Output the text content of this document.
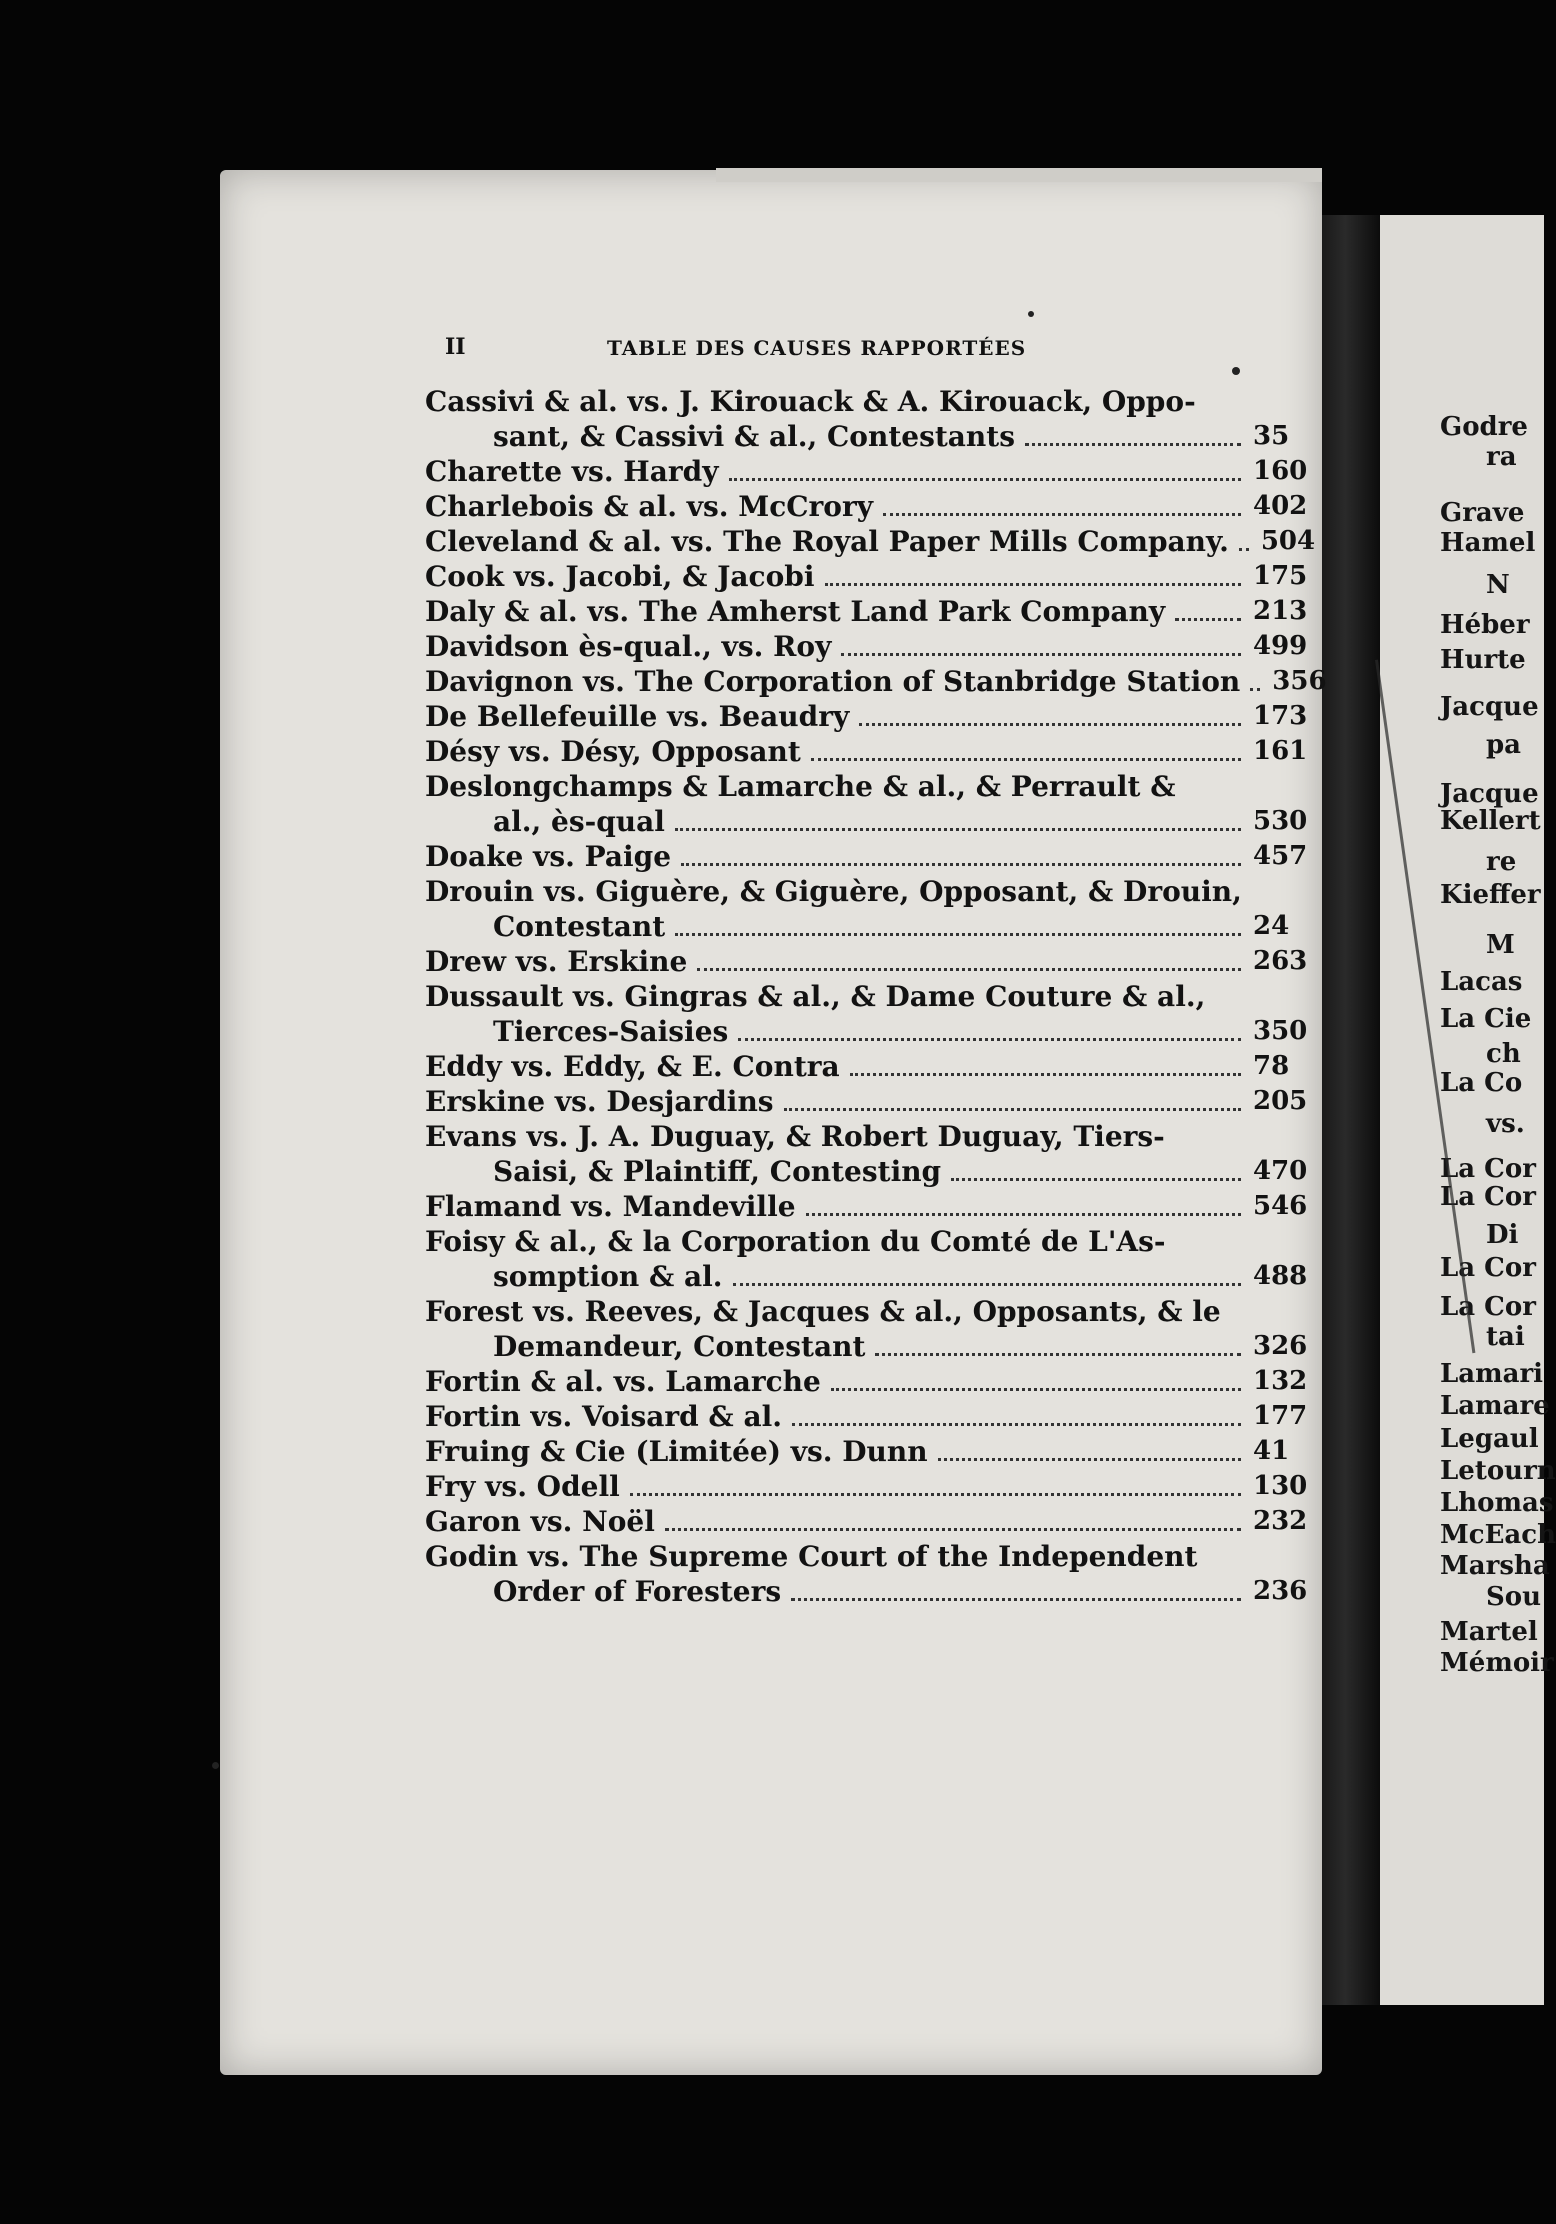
II	TABLE DES CAUSES RAPPORTÉES
Cassivi & al. vs. J. Kirouack & A. Kirouack, Oppo-
sant, & Cassivi & al., Contestants	35
Charette vs. Hardy	160
Charlebois & al. vs. McCrory	402
Cleveland & al. vs. The Royal Paper Mills Company. 504
Cook vs. Jacobi, & Jacobi	175
Daly & al. vs. The Amherst Land Park Company	213
Davidson ès-qual., vs. Roy	499
Davignon vs. The Corporation of Stanbridge Station 356
De Bellefeuille vs. Beaudry	173
Désy vs. Désy, Opposant	161
Deslongchamps & Lamarche & al., & Perrault &
al., ès-qual	530
Doake vs. Paige	457
Drouin vs. Giguère, & Giguère, Opposant, & Drouin,
Contestant	24
Drew vs. Erskine	263
Dussault vs. Gingras & al., & Dame Couture & al.,
Tierces-Saisies	350
Eddy vs. Eddy, & E. Contra	78
Erskine vs. Desjardins	205
Evans vs. J. A. Duguay, & Robert Duguay, Tiers-
Saisi, & Plaintiff, Contesting	470
Flamand vs. Mandeville	546
Foisy & al., & la Corporation du Comté de L'As-
somption & al.	488
Forest vs. Reeves, & Jacques & al., Opposants, & le
Demandeur, Contestant	326
Fortin & al. vs. Lamarche	132
Fortin vs. Voisard & al.	177
Fruing & Cie (Limitée) vs. Dunn	41
Fry vs. Odell	130
Garon vs. Noël	232
Godin vs. The Supreme Court of the Independent
Order of Foresters	236
Godre
ra
Grave
Hamel
N
Héber
Hurte
Jacque
pa
Jacque
Kellert
re
Kieffer
M
Lacas
La Cie
ch
La Co
vs.
La Cor
La Cor
Di
La Cor
La Cor
tai
Lamari
Lamare
Legaul
Letourn
Lhomas
McEach
Marsha
Sou
Martel
Mémoir
